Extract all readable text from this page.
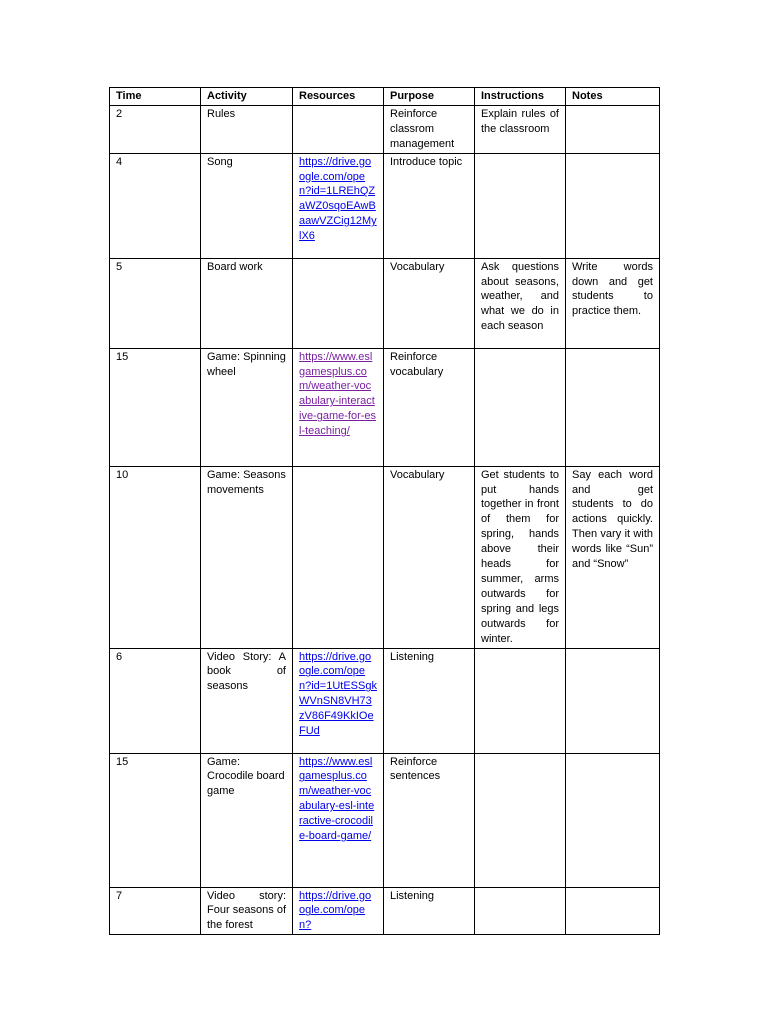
Time	Activity	Resources	Purpose	Instructions	Notes
2	Rules		Reinforce classrom management	Explain rules of the classroom	
4	Song	https://drive.google.com/open?id=1LREhQZaWZ0sqoEAwBaawVZCig12MylX6	Introduce topic		
5	Board work		Vocabulary	Ask questions about seasons, weather, and what we do in each season	Write words down and get students to practice them.
15	Game: Spinning wheel	https://www.eslgamesplus.com/weather-vocabulary-interactive-game-for-esl-teaching/	Reinforce vocabulary		
10	Game: Seasons movements		Vocabulary	Get students to put hands together in front of them for spring, hands above their heads for summer, arms outwards for spring and legs outwards for winter.	Say each word and get students to do actions quickly. Then vary it with words like “Sun” and “Snow”
6	Video Story: A book of seasons	https://drive.google.com/open?id=1UtESSgkWVnSN8VH73zV86F49KkIOeFUd	Listening		
15	Game: Crocodile board game	https://www.eslgamesplus.com/weather-vocabulary-esl-interactive-crocodile-board-game/	Reinforce sentences		
7	Video story: Four seasons of the forest	https://drive.google.com/open?	Listening		
